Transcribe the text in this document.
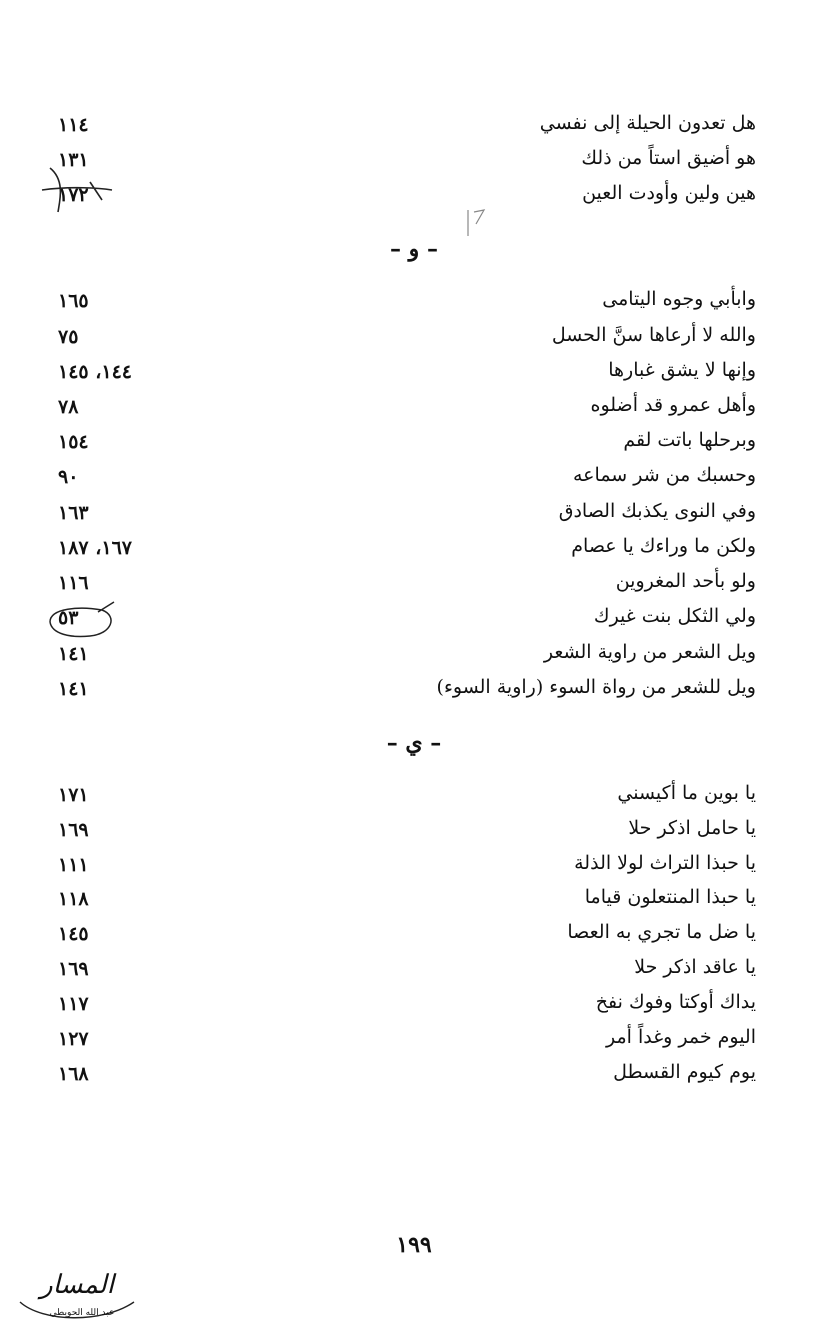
هل تعدون الحيلة إلى نفسي
١١٤
هو أضيق استاً من ذلك
١٣١
هين ولين وأودت العين
١٧٢
– و –
وابأبي وجوه اليتامى
١٦٥
والله لا أرعاها سنَّ الحسل
٧٥
وإنها لا يشق غبارها
١٤٤، ١٤٥
وأهل عمرو قد أضلوه
٧٨
وبرحلها باتت لقم
١٥٤
وحسبك من شر سماعه
٩٠
وفي النوى يكذبك الصادق
١٦٣
ولكن ما وراءك يا عصام
١٦٧، ١٨٧
ولو بأحد المغروين
١١٦
ولي الثكل بنت غيرك
٥٣
ويل الشعر من راوية الشعر
١٤١
ويل للشعر من رواة السوء (راوية السوء)
١٤١
– ي –
يا بوين ما أكيسني
١٧١
يا حامل اذكر حلا
١٦٩
يا حبذا التراث لولا الذلة
١١١
يا حبذا المنتعلون قياما
١١٨
يا ضل ما تجري به العصا
١٤٥
يا عاقد اذكر حلا
١٦٩
يداك أوكتا وفوك نفخ
١١٧
اليوم خمر وغداً أمر
١٢٧
يوم كيوم القسطل
١٦٨
١٩٩
المسار
عبد الله الحويطي
